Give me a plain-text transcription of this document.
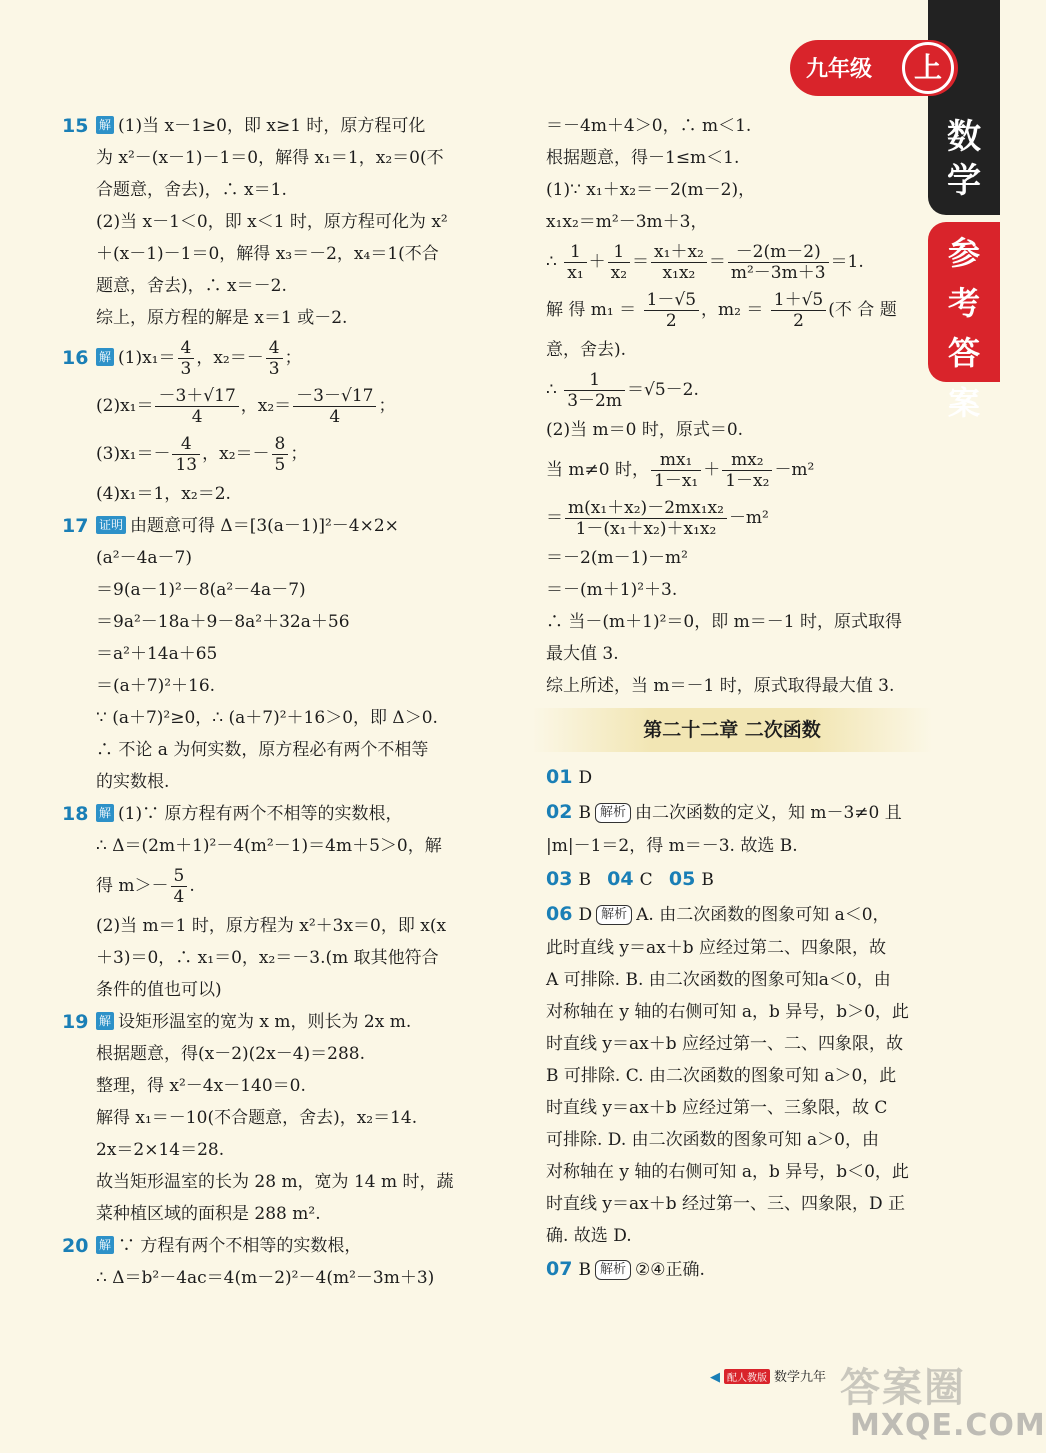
数学
参考答案
九年级	上
15 解 (1)当 x－1≥0，即 x≥1 时，原方程可化
为 x²－(x－1)－1＝0，解得 x₁＝1，x₂＝0(不
合题意，舍去)，∴ x＝1.
(2)当 x－1＜0，即 x＜1 时，原方程可化为 x²
＋(x－1)－1＝0，解得 x₃＝－2，x₄＝1(不合
题意，舍去)，∴ x＝－2.
综上，原方程的解是 x＝1 或－2.
16 解 $(1)x_1= \frac{4}{3}$ ，$x_2=- \frac{4}{3}$ ；
$(2)x_1= \frac{-3+√17}{4}$ ，$x_2= \frac{-3-√17}{4}$ ；
$(3)x_1=- \frac{4}{13}$ ，$x_2=- \frac{8}{5}$ ；
(4)x₁＝1，x₂＝2.
17 证明 由题意可得 Δ＝[3(a－1)]²－4×2×
(a²－4a－7)
＝9(a－1)²－8(a²－4a－7)
＝9a²－18a＋9－8a²＋32a＋56
＝a²＋14a＋65
＝(a＋7)²＋16.
∵ (a＋7)²≥0，∴ (a＋7)²＋16＞0，即 Δ＞0.
∴ 不论 a 为何实数，原方程必有两个不相等
的实数根.
18 解 (1)∵ 原方程有两个不相等的实数根，
∴ Δ＝(2m＋1)²－4(m²－1)＝4m＋5＞0，解
得 $m>- \frac{5}{4}$ .
(2)当 m＝1 时，原方程为 x²＋3x＝0，即 x(x
＋3)＝0，∴ x₁＝0，x₂＝－3.(m 取其他符合
条件的值也可以)
19 解 设矩形温室的宽为 x m，则长为 2x m.
根据题意，得(x－2)(2x－4)＝288.
整理，得 x²－4x－140＝0.
解得 x₁＝－10(不合题意，舍去)，x₂＝14.
2x＝2×14＝28.
故当矩形温室的长为 28 m，宽为 14 m 时，蔬
菜种植区域的面积是 288 m².
20 解 ∵ 方程有两个不相等的实数根，
∴ Δ＝b²－4ac＝4(m－2)²－4(m²－3m＋3)
＝－4m＋4＞0，∴ m＜1.
根据题意，得－1≤m＜1.
(1)∵ x₁＋x₂＝－2(m－2)，
x₁x₂＝m²－3m＋3，
∴ $\frac{1}{\text{x₁}} + \frac{1}{\text{x₂}} = \frac{\text{x₁＋x₂}}{\text{x₁x₂}} = \frac{-2(m-2)}{\text{m²－3m＋3}} =1$.
解 得 $m_1 = \frac{1-√5}{2}$ ，$m_2 = \frac{1+√5}{2}$ (不 合 题
意，舍去).
∴ $\frac{1}{3-2m} =√5-2$.
(2)当 m＝0 时，原式＝0.
当 m≠0 时， $\frac{\text{mx₁}}{\text{1－x₁}} + \frac{\text{mx₂}}{\text{1－x₂}} -m^2$
＝ $\frac{\text{m(x₁＋x₂)－2mx₁x₂}}{\text{1－(x₁＋x₂)＋x₁x₂}} -m^2$
＝－2(m－1)－m²
＝－(m＋1)²＋3.
∴ 当－(m＋1)²＝0，即 m＝－1 时，原式取得
最大值 3.
综上所述，当 m＝－1 时，原式取得最大值 3.
第二十二章 二次函数
01 D
02 B 解析 由二次函数的定义，知 m－3≠0 且
|m|－1＝2，得 m＝－3. 故选 B.
03 B 04 C 05 B
06 D 解析 A. 由二次函数的图象可知 a＜0，
此时直线 y＝ax＋b 应经过第二、四象限，故
A 可排除. B. 由二次函数的图象可知a＜0，由
对称轴在 y 轴的右侧可知 a，b 异号，b＞0，此
时直线 y＝ax＋b 应经过第一、二、四象限，故
B 可排除. C. 由二次函数的图象可知 a＞0，此
时直线 y＝ax＋b 应经过第一、三象限，故 C
可排除. D. 由二次函数的图象可知 a＞0，由
对称轴在 y 轴的右侧可知 a，b 异号，b＜0，此
时直线 y＝ax＋b 经过第一、三、四象限，D 正
确. 故选 D.
07 B 解析 ②④正确.
◀ 配人教版 数学九年 答案圈
MXQE.COM
